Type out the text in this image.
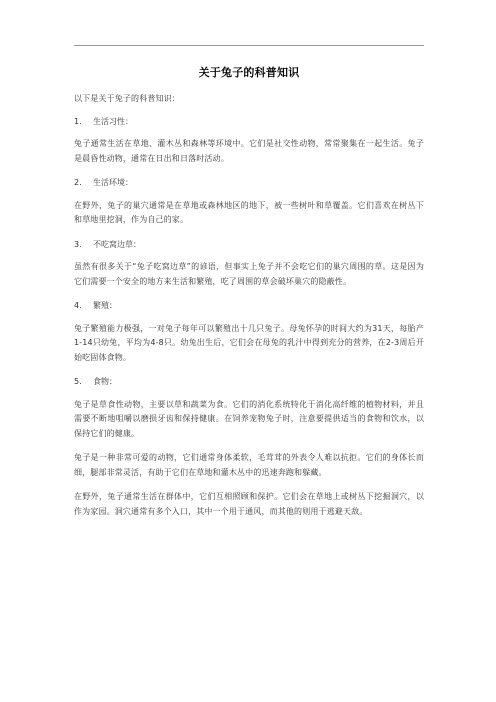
关于兔子的科普知识

以下是关于兔子的科普知识：

1.	生活习性：

兔子通常生活在草地、灌木丛和森林等环境中。它们是社交性动物，常常聚集在一起生活。兔子是晨昏性动物，通常在日出和日落时活动。

2.	生活环境：

在野外，兔子的巢穴通常是在草地或森林地区的地下，被一些树叶和草覆盖。它们喜欢在树丛下和草地里挖洞，作为自己的家。

3.	不吃窝边草：

虽然有很多关于“兔子吃窝边草”的谚语，但事实上兔子并不会吃它们的巢穴周围的草。这是因为它们需要一个安全的地方来生活和繁殖，吃了周围的草会破坏巢穴的隐蔽性。

4.	繁殖：

兔子繁殖能力极强，一对兔子每年可以繁殖出十几只兔子。母兔怀孕的时间大约为31天，每胎产1-14只幼兔，平均为4-8只。幼兔出生后，它们会在母兔的乳汁中得到充分的营养，在2-3周后开始吃固体食物。

5.	食物：

兔子是草食性动物，主要以草和蔬菜为食。它们的消化系统特化于消化高纤维的植物材料，并且需要不断地咀嚼以磨损牙齿和保持健康。在饲养宠物兔子时，注意要提供适当的食物和饮水，以保持它们的健康。

兔子是一种非常可爱的动物，它们通常身体柔软，毛茸茸的外表令人难以抗拒。它们的身体长而细，腿部非常灵活，有助于它们在草地和灌木丛中的迅速奔跑和躲藏。

在野外，兔子通常生活在群体中，它们互相照顾和保护。它们会在草地上或树丛下挖掘洞穴，以作为家园。洞穴通常有多个入口，其中一个用于通风，而其他的则用于逃避天敌。
